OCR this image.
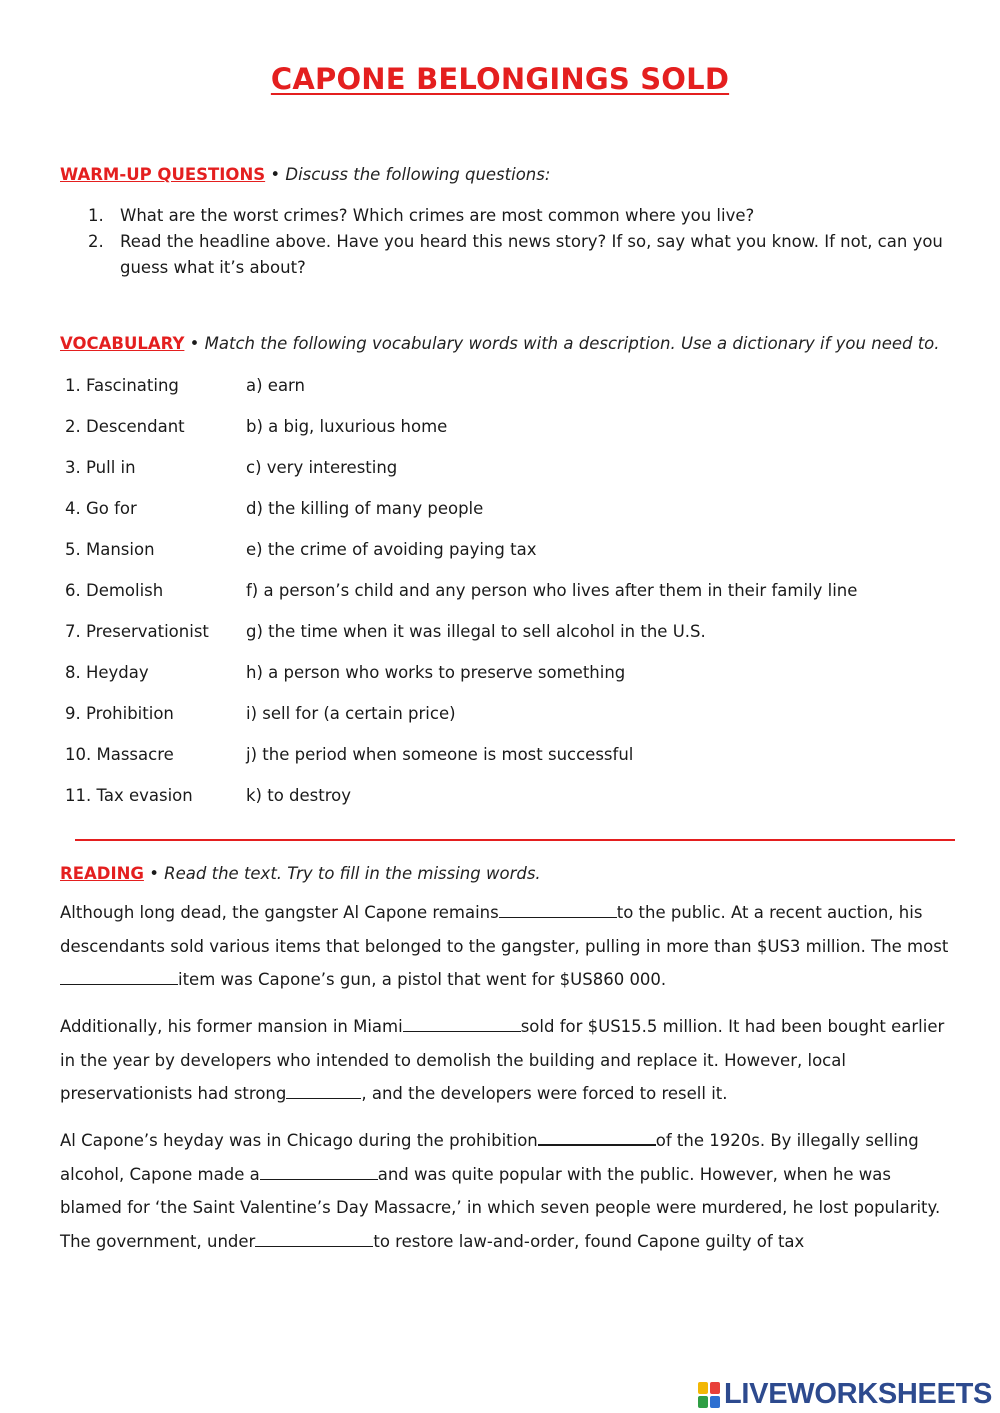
CAPONE BELONGINGS SOLD
WARM-UP QUESTIONS • Discuss the following questions:
1. What are the worst crimes? Which crimes are most common where you live?
2. Read the headline above. Have you heard this news story? If so, say what you know. If not, can you guess what it’s about?
VOCABULARY • Match the following vocabulary words with a description. Use a dictionary if you need to.
1. Fascinating	a) earn
2. Descendant	b) a big, luxurious home
3. Pull in	c) very interesting
4. Go for	d) the killing of many people
5. Mansion	e) the crime of avoiding paying tax
6. Demolish	f) a person’s child and any person who lives after them in their family line
7. Preservationist	g) the time when it was illegal to sell alcohol in the U.S.
8. Heyday	h) a person who works to preserve something
9. Prohibition	i) sell for (a certain price)
10. Massacre	j) the period when someone is most successful
11. Tax evasion	k) to destroy
READING • Read the text. Try to fill in the missing words.
Although long dead, the gangster Al Capone remains	to the public. At a recent auction, his descendants sold various items that belonged to the gangster, pulling in more than $US3 million. The mostitem was Capone’s gun, a pistol that went for $US860 000.
Additionally, his former mansion in Miami	sold for $US15.5 million. It had been bought earlier in the year by developers who intended to demolish the building and replace it. However, local preservationists had strong	, and the developers were forced to resell it.
Al Capone’s heyday was in Chicago during the prohibition	of the 1920s. By illegally selling alcohol, Capone made a	and was quite popular with the public. However, when he was blamed for ‘the Saint Valentine’s Day Massacre,’ in which seven people were murdered, he lost popularity. The government, under	to restore law-and-order, found Capone guilty of tax
LIVEWORKSHEETS
